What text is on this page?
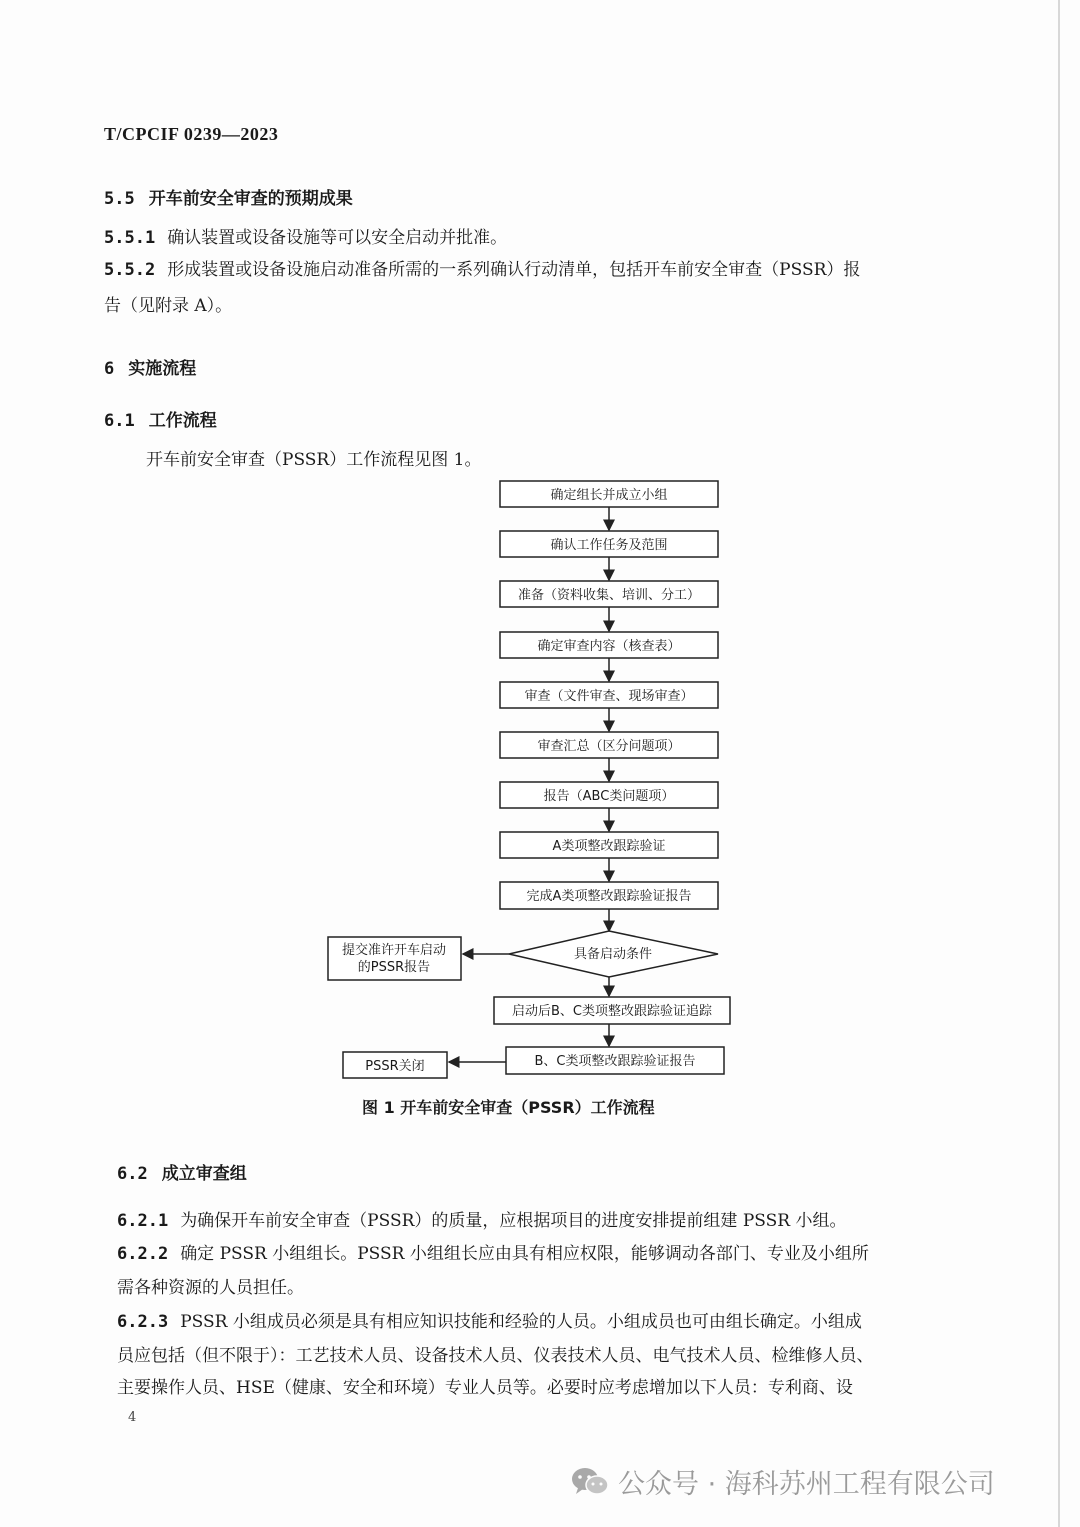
T/CPCIF 0239—2023
5.5 开车前安全审查的预期成果
5.5.1 确认装置或设备设施等可以安全启动并批准。
5.5.2 形成装置或设备设施启动准备所需的一系列确认行动清单，包括开车前安全审查（PSSR）报
告（见附录 A）。
6 实施流程
6.1 工作流程
开车前安全审查（PSSR）工作流程见图 1。
确定组长并成立小组
确认工作任务及范围
准备（资料收集、培训、分工）
确定审查内容（核查表）
审查（文件审查、现场审查）
审查汇总（区分问题项）
报告（ABC类问题项）
A类项整改跟踪验证
完成A类项整改跟踪验证报告
具备启动条件
提交准许开车启动
的PSSR报告
启动后B、C类项整改跟踪验证追踪
B、C类项整改跟踪验证报告
PSSR关闭
图 1 开车前安全审查（PSSR）工作流程
6.2 成立审查组
6.2.1 为确保开车前安全审查（PSSR）的质量，应根据项目的进度安排提前组建 PSSR 小组。
6.2.2 确定 PSSR 小组组长。PSSR 小组组长应由具有相应权限，能够调动各部门、专业及小组所
需各种资源的人员担任。
6.2.3 PSSR 小组成员必须是具有相应知识技能和经验的人员。小组成员也可由组长确定。小组成
员应包括（但不限于）：工艺技术人员、设备技术人员、仪表技术人员、电气技术人员、检维修人员、
主要操作人员、HSE（健康、安全和环境）专业人员等。必要时应考虑增加以下人员：专利商、设
4
公众号 · 海科苏州工程有限公司
